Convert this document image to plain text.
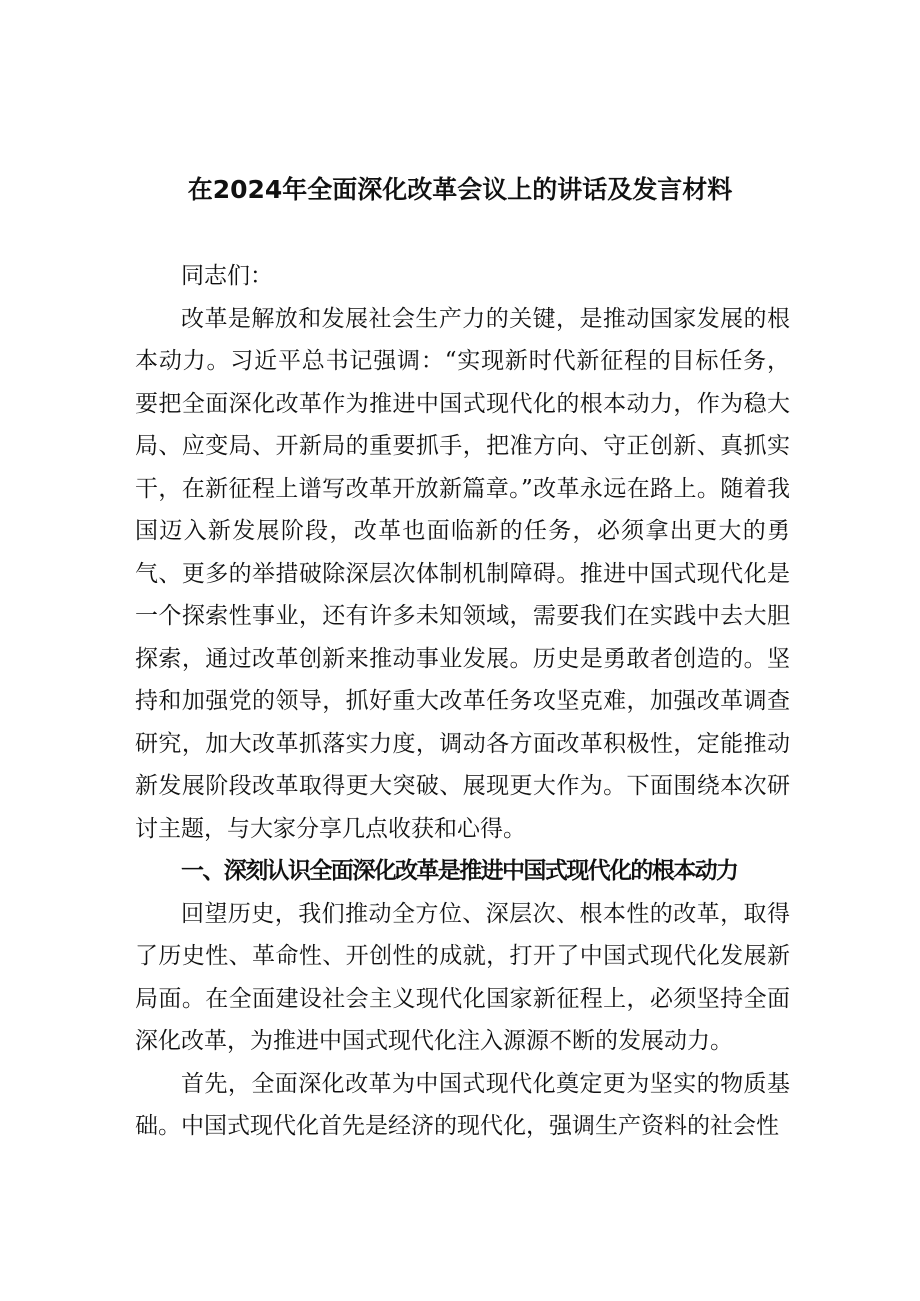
在2024年全面深化改革会议上的讲话及发言材料

同志们：

改革是解放和发展社会生产力的关键，是推动国家发展的根本动力。习近平总书记强调：“实现新时代新征程的目标任务，要把全面深化改革作为推进中国式现代化的根本动力，作为稳大局、应变局、开新局的重要抓手，把准方向、守正创新、真抓实干，在新征程上谱写改革开放新篇章。”改革永远在路上。随着我国迈入新发展阶段，改革也面临新的任务，必须拿出更大的勇气、更多的举措破除深层次体制机制障碍。推进中国式现代化是一个探索性事业，还有许多未知领域，需要我们在实践中去大胆探索，通过改革创新来推动事业发展。历史是勇敢者创造的。坚持和加强党的领导，抓好重大改革任务攻坚克难，加强改革调查研究，加大改革抓落实力度，调动各方面改革积极性，定能推动新发展阶段改革取得更大突破、展现更大作为。下面围绕本次研讨主题，与大家分享几点收获和心得。

一、深刻认识全面深化改革是推进中国式现代化的根本动力

回望历史，我们推动全方位、深层次、根本性的改革，取得了历史性、革命性、开创性的成就，打开了中国式现代化发展新局面。在全面建设社会主义现代化国家新征程上，必须坚持全面深化改革，为推进中国式现代化注入源源不断的发展动力。

首先，全面深化改革为中国式现代化奠定更为坚实的物质基础。中国式现代化首先是经济的现代化，强调生产资料的社会性
